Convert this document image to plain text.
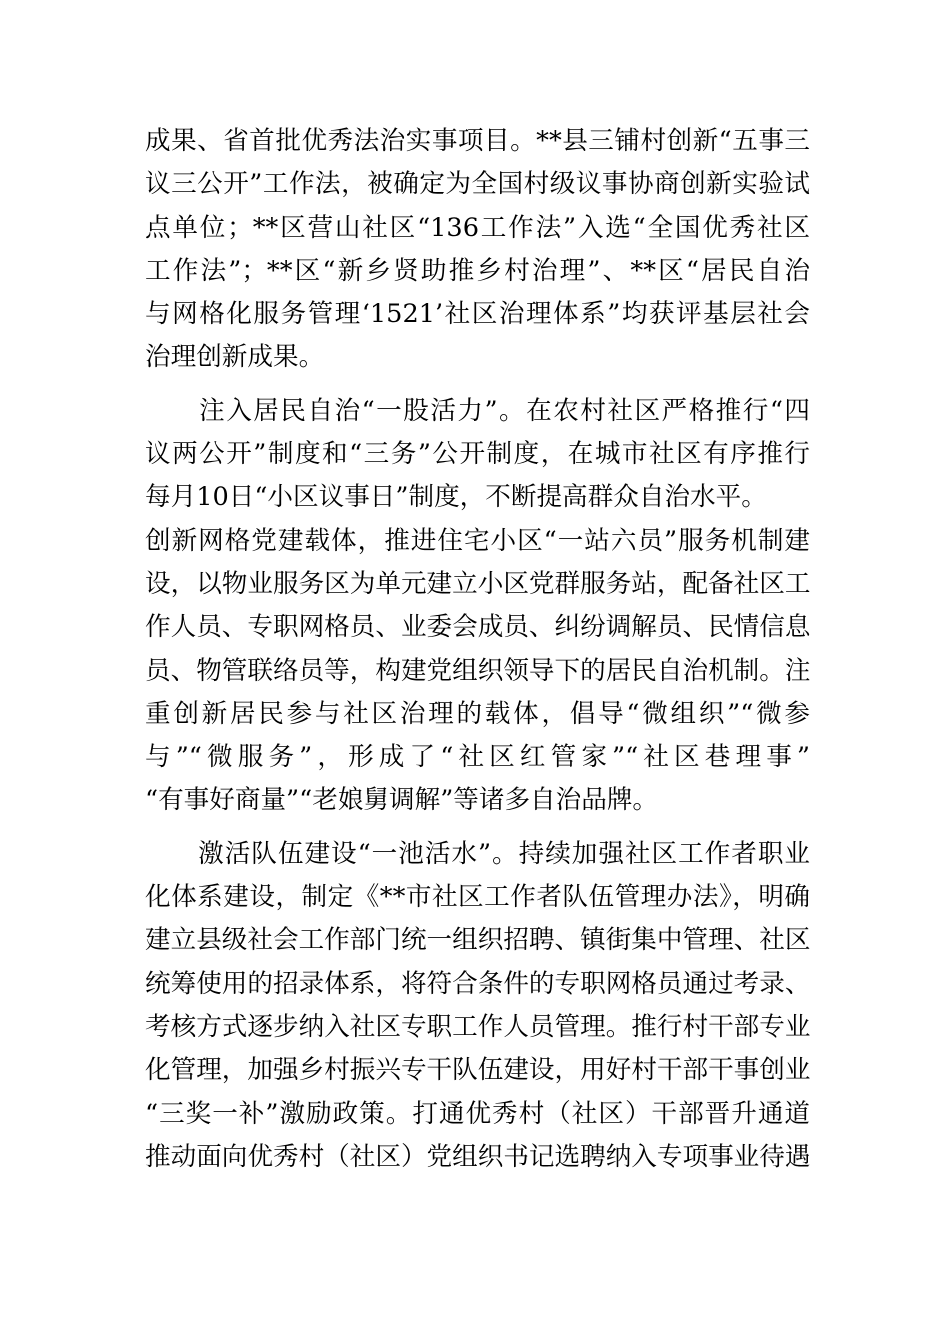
成果、省首批优秀法治实事项目。**县三铺村创新“五事三
议三公开”工作法，被确定为全国村级议事协商创新实验试
点单位；**区营山社区“136工作法”入选“全国优秀社区
工作法”；**区“新乡贤助推乡村治理”、**区“居民自治
与网格化服务管理‘1521’社区治理体系”均获评基层社会
治理创新成果。
　　注入居民自治“一股活力”。在农村社区严格推行“四
议两公开”制度和“三务”公开制度，在城市社区有序推行
每月10日“小区议事日”制度，不断提高群众自治水平。
创新网格党建载体，推进住宅小区“一站六员”服务机制建
设，以物业服务区为单元建立小区党群服务站，配备社区工
作人员、专职网格员、业委会成员、纠纷调解员、民情信息
员、物管联络员等，构建党组织领导下的居民自治机制。注
重创新居民参与社区治理的载体，倡导“微组织”“微参
与”“微服务”，形成了“社区红管家”“社区巷理事”
“有事好商量”“老娘舅调解”等诸多自治品牌。
　　激活队伍建设“一池活水”。持续加强社区工作者职业
化体系建设，制定《**市社区工作者队伍管理办法》，明确
建立县级社会工作部门统一组织招聘、镇街集中管理、社区
统筹使用的招录体系，将符合条件的专职网格员通过考录、
考核方式逐步纳入社区专职工作人员管理。推行村干部专业
化管理，加强乡村振兴专干队伍建设，用好村干部干事创业
“三奖一补”激励政策。打通优秀村（社区）干部晋升通道
推动面向优秀村（社区）党组织书记选聘纳入专项事业待遇
